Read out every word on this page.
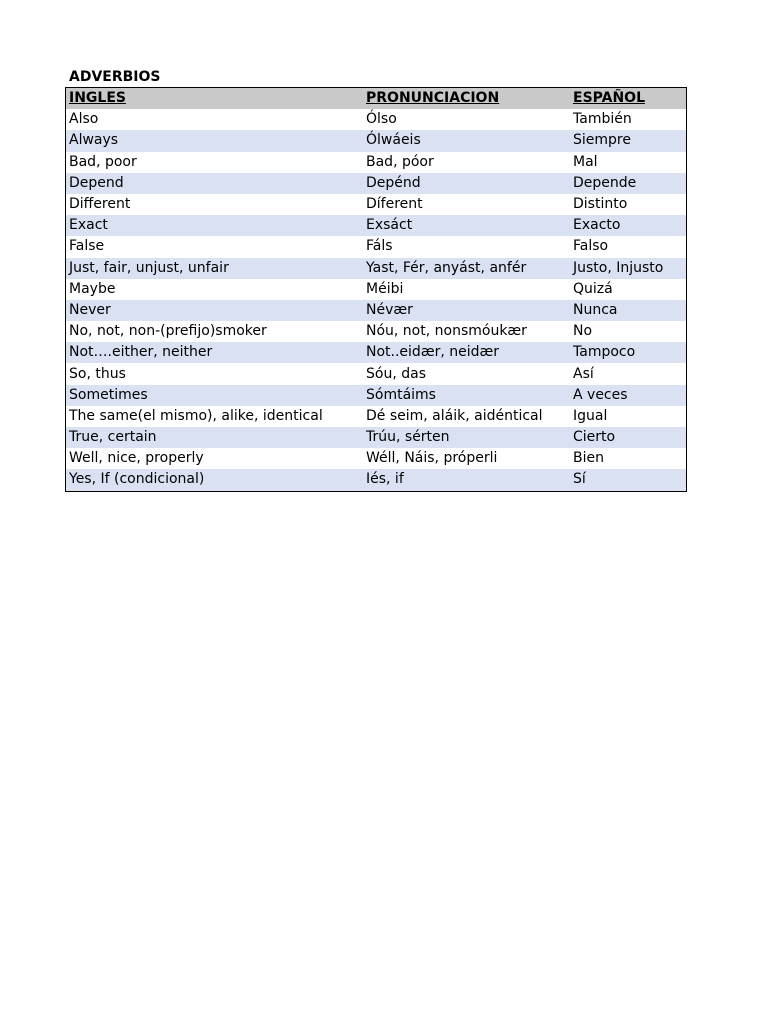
ADVERBIOS
INGLES	PRONUNCIACION	ESPAÑOL
Also	Ólso	También
Always	Ólwáeis	Siempre
Bad, poor	Bad, póor	Mal
Depend	Depénd	Depende
Different	Díferent	Distinto
Exact	Exsáct	Exacto
False	Fáls	Falso
Just, fair, unjust, unfair	Yast, Fér, anyást, anfér	Justo, Injusto
Maybe	Méibi	Quizá
Never	Névær	Nunca
No, not, non-(prefijo)smoker	Nóu, not, nonsmóukær	No
Not….either, neither	Not..eidær, neidær	Tampoco
So, thus	Sóu, das	Así
Sometimes	Sómtáims	A veces
The same(el mismo), alike, identical	Dé seim, aláik, aidéntical	Igual
True, certain	Trúu, sérten	Cierto
Well, nice, properly	Wéll, Náis, próperli	Bien
Yes, If (condicional)	Iés, if	Sí
